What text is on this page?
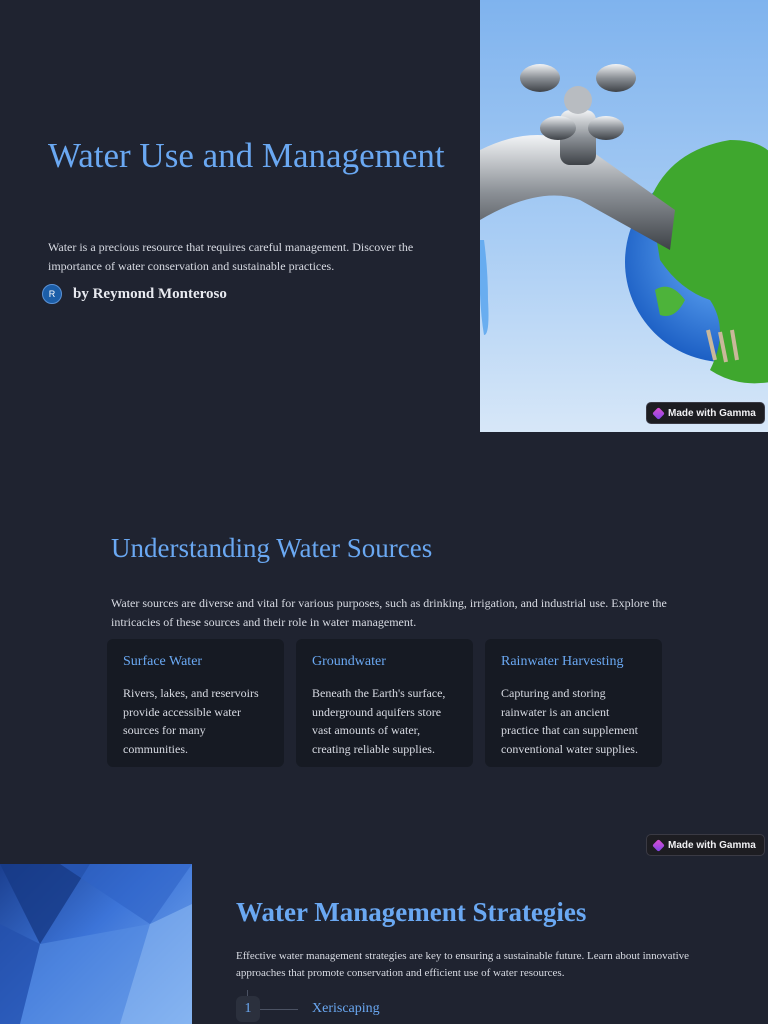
Water Use and Management

Water is a precious resource that requires careful management. Discover the importance of water conservation and sustainable practices.

R	by Reymond Monteroso
Made with Gamma
Understanding Water Sources

Water sources are diverse and vital for various purposes, such as drinking, irrigation, and industrial use. Explore the intricacies of these sources and their role in water management.

Surface Water
Rivers, lakes, and reservoirs provide accessible water sources for many communities.
Groundwater
Beneath the Earth's surface, underground aquifers store vast amounts of water, creating reliable supplies.
Rainwater Harvesting
Capturing and storing rainwater is an ancient practice that can supplement conventional water supplies.
Made with Gamma
Water Management Strategies

Effective water management strategies are key to ensuring a sustainable future. Learn about innovative approaches that promote conservation and efficient use of water resources.

1	Xeriscaping
